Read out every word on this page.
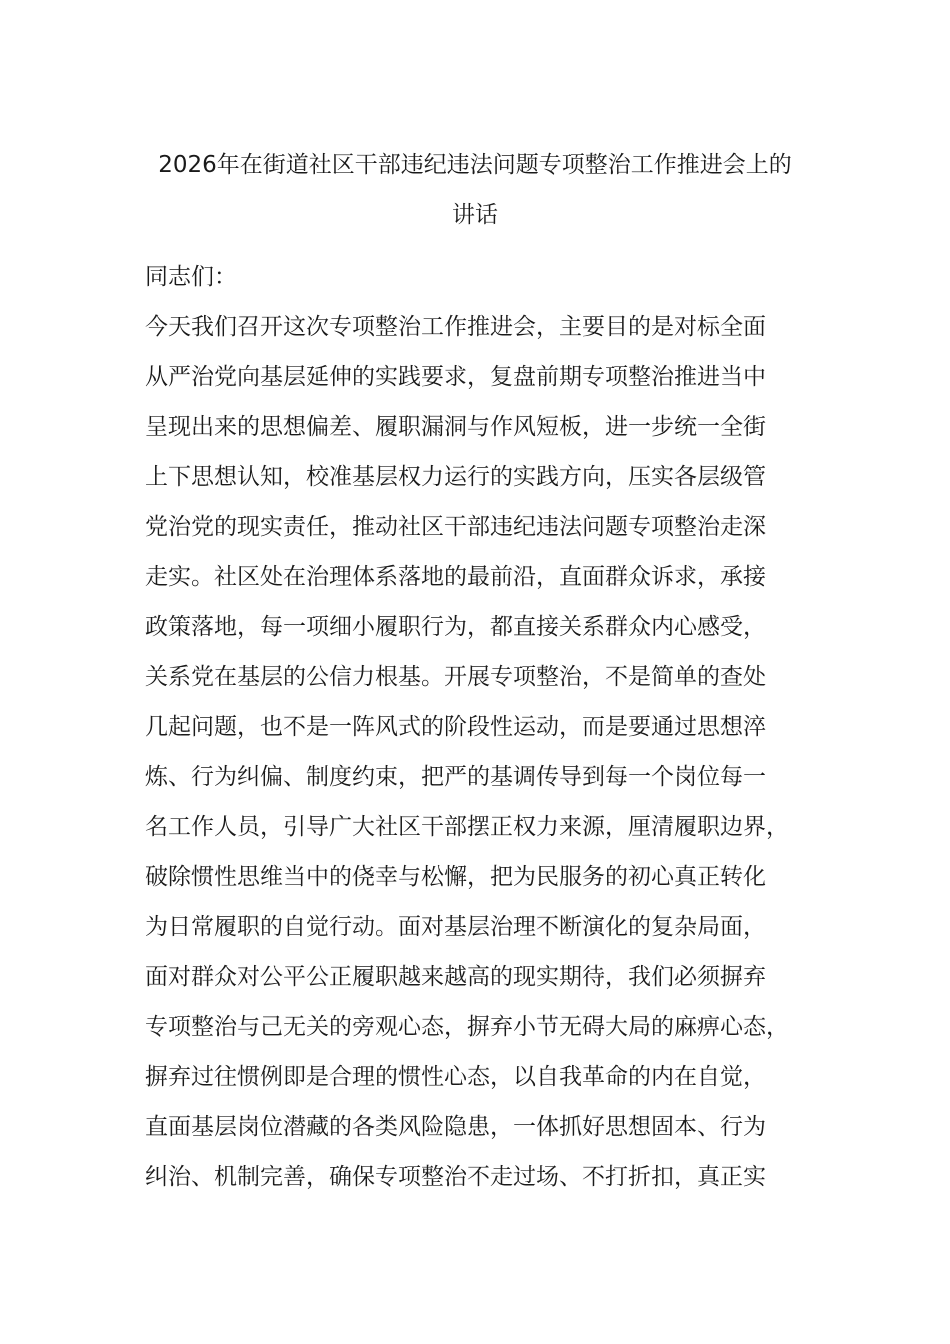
2026年在街道社区干部违纪违法问题专项整治工作推进会上的
讲话
同志们：
今天我们召开这次专项整治工作推进会，主要目的是对标全面
从严治党向基层延伸的实践要求，复盘前期专项整治推进当中
呈现出来的思想偏差、履职漏洞与作风短板，进一步统一全街
上下思想认知，校准基层权力运行的实践方向，压实各层级管
党治党的现实责任，推动社区干部违纪违法问题专项整治走深
走实。社区处在治理体系落地的最前沿，直面群众诉求，承接
政策落地，每一项细小履职行为，都直接关系群众内心感受，
关系党在基层的公信力根基。开展专项整治，不是简单的查处
几起问题，也不是一阵风式的阶段性运动，而是要通过思想淬
炼、行为纠偏、制度约束，把严的基调传导到每一个岗位每一
名工作人员，引导广大社区干部摆正权力来源，厘清履职边界，
破除惯性思维当中的侥幸与松懈，把为民服务的初心真正转化
为日常履职的自觉行动。面对基层治理不断演化的复杂局面，
面对群众对公平公正履职越来越高的现实期待，我们必须摒弃
专项整治与己无关的旁观心态，摒弃小节无碍大局的麻痹心态，
摒弃过往惯例即是合理的惯性心态，以自我革命的内在自觉，
直面基层岗位潜藏的各类风险隐患，一体抓好思想固本、行为
纠治、机制完善，确保专项整治不走过场、不打折扣，真正实
